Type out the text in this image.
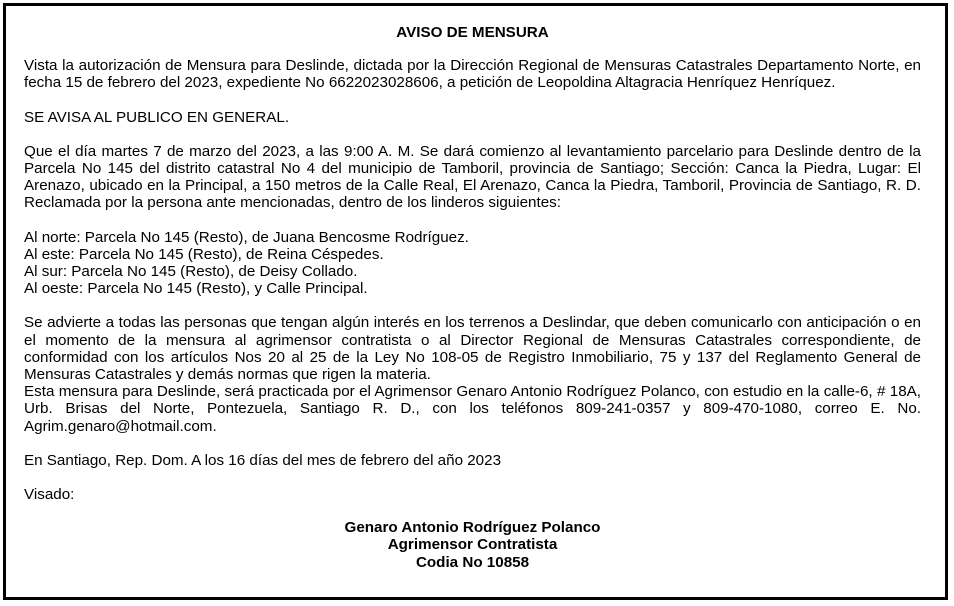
AVISO DE MENSURA

Vista la autorización de Mensura para Deslinde, dictada por la Dirección Regional de Mensuras Catastrales Departamento Norte, en fecha 15 de febrero del 2023, expediente No 6622023028606, a petición de Leopoldina Altagracia Henríquez Henríquez.

SE AVISA AL PUBLICO EN GENERAL.

Que el día martes 7 de marzo del 2023, a las 9:00 A. M. Se dará comienzo al levantamiento parcelario para Deslinde dentro de la Parcela No 145 del distrito catastral No 4 del municipio de Tamboril, provincia de Santiago; Sección: Canca la Piedra, Lugar: El Arenazo, ubicado en la Principal, a 150 metros de la Calle Real, El Arenazo, Canca la Piedra, Tamboril, Provincia de Santiago, R. D. Reclamada por la persona ante mencionadas, dentro de los linderos siguientes:

Al norte: Parcela No 145 (Resto), de Juana Bencosme Rodríguez.
Al este: Parcela No 145 (Resto), de Reina Céspedes.
Al sur: Parcela No 145 (Resto), de Deisy Collado.
Al oeste: Parcela No 145 (Resto), y Calle Principal.

Se advierte a todas las personas que tengan algún interés en los terrenos a Deslindar, que deben comunicarlo con anticipación o en el momento de la mensura al agrimensor contratista o al Director Regional de Mensuras Catastrales correspondiente, de conformidad con los artículos Nos 20 al 25 de la Ley No 108-05 de Registro Inmobiliario, 75 y 137 del Reglamento General de Mensuras Catastrales y demás normas que rigen la materia.

Esta mensura para Deslinde, será practicada por el Agrimensor Genaro Antonio Rodríguez Polanco, con estudio en la calle-6, # 18A, Urb. Brisas del Norte, Pontezuela, Santiago R. D., con los teléfonos 809-241-0357 y 809-470-1080, correo E. No. Agrim.genaro@hotmail.com.

En Santiago, Rep. Dom. A los 16 días del mes de febrero del año 2023

Visado:

Genaro Antonio Rodríguez Polanco
Agrimensor Contratista
Codia No 10858
